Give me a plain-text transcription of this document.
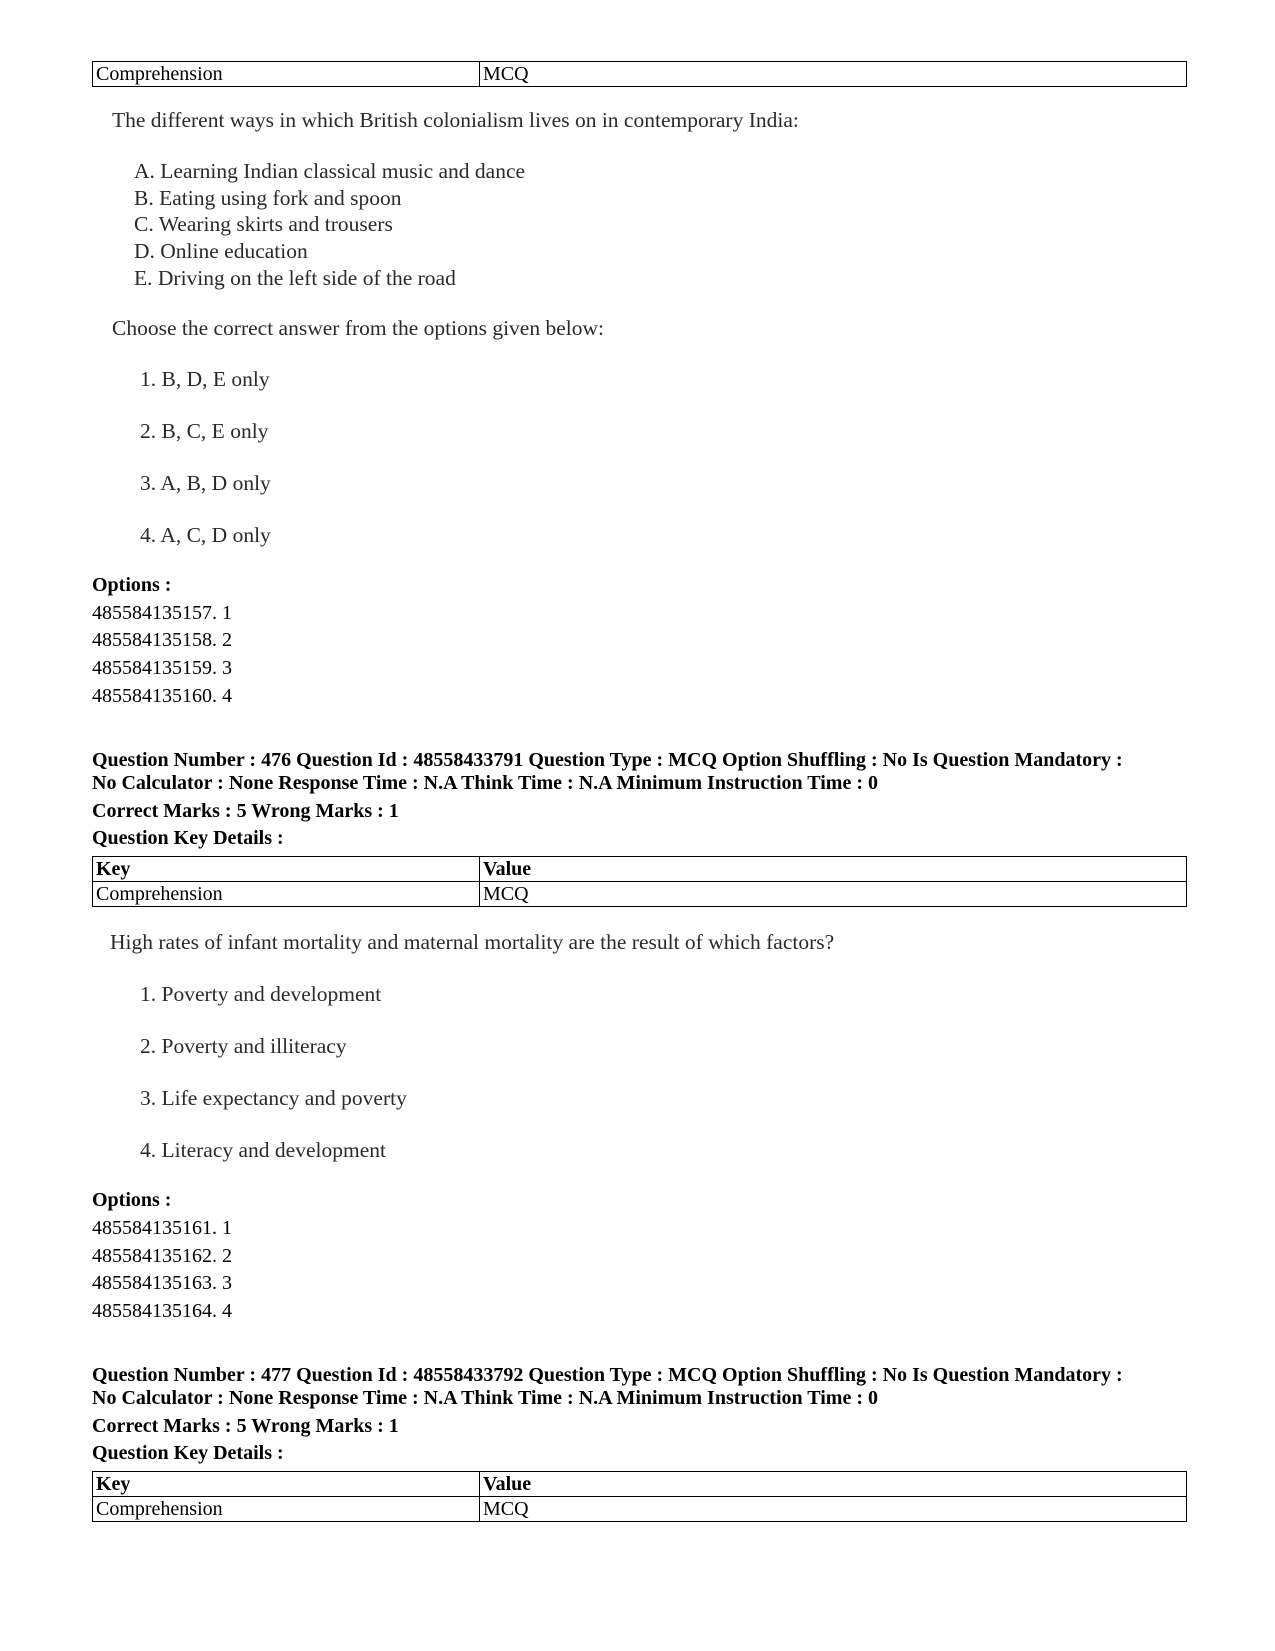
Comprehension	MCQ
The different ways in which British colonialism lives on in contemporary India:
A. Learning Indian classical music and dance
B. Eating using fork and spoon
C. Wearing skirts and trousers
D. Online education
E. Driving on the left side of the road
Choose the correct answer from the options given below:
1. B, D, E only
2. B, C, E only
3. A, B, D only
4. A, C, D only
Options :
485584135157. 1
485584135158. 2
485584135159. 3
485584135160. 4
Question Number : 476 Question Id : 48558433791 Question Type : MCQ Option Shuffling : No Is Question Mandatory :
No Calculator : None Response Time : N.A Think Time : N.A Minimum Instruction Time : 0
Correct Marks : 5 Wrong Marks : 1
Question Key Details :
Key	Value
Comprehension	MCQ
High rates of infant mortality and maternal mortality are the result of which factors?
1. Poverty and development
2. Poverty and illiteracy
3. Life expectancy and poverty
4. Literacy and development
Options :
485584135161. 1
485584135162. 2
485584135163. 3
485584135164. 4
Question Number : 477 Question Id : 48558433792 Question Type : MCQ Option Shuffling : No Is Question Mandatory :
No Calculator : None Response Time : N.A Think Time : N.A Minimum Instruction Time : 0
Correct Marks : 5 Wrong Marks : 1
Question Key Details :
Key	Value
Comprehension	MCQ
